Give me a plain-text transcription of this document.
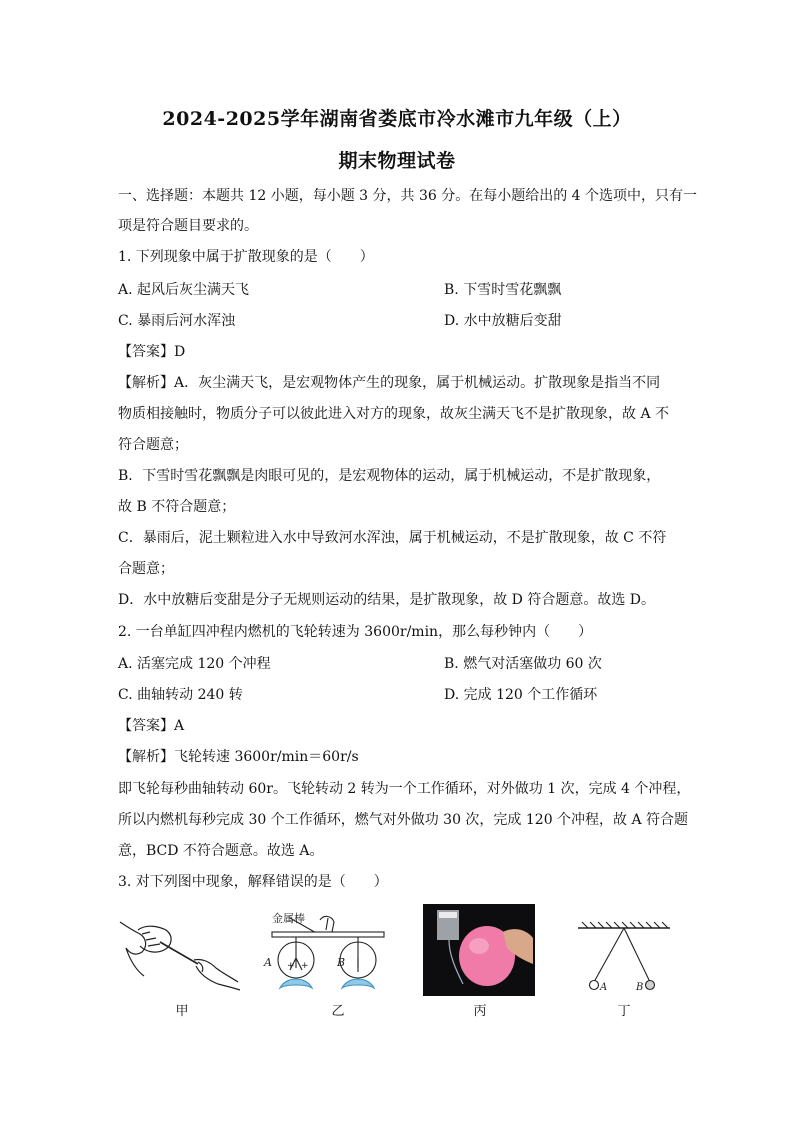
2024-2025学年湖南省娄底市冷水滩市九年级（上）
期末物理试卷
一、选择题：本题共 12 小题，每小题 3 分，共 36 分。在每小题给出的 4 个选项中，只有一
项是符合题目要求的。
1. 下列现象中属于扩散现象的是（　　）
A. 起风后灰尘满天飞	B. 下雪时雪花飘飘
C. 暴雨后河水浑浊	D. 水中放糖后变甜
【答案】D
【解析】A．灰尘满天飞，是宏观物体产生的现象，属于机械运动。扩散现象是指当不同
物质相接触时，物质分子可以彼此进入对方的现象，故灰尘满天飞不是扩散现象，故 A 不
符合题意；
B．下雪时雪花飘飘是肉眼可见的，是宏观物体的运动，属于机械运动，不是扩散现象，
故 B 不符合题意；
C．暴雨后，泥土颗粒进入水中导致河水浑浊，属于机械运动，不是扩散现象，故 C 不符
合题意；
D．水中放糖后变甜是分子无规则运动的结果，是扩散现象，故 D 符合题意。故选 D。
2. 一台单缸四冲程内燃机的飞轮转速为 3600r/min，那么每秒钟内（　　）
A. 活塞完成 120 个冲程	B. 燃气对活塞做功 60 次
C. 曲轴转动 240 转	D. 完成 120 个工作循环
【答案】A
【解析】飞轮转速 3600r/min＝60r/s
即飞轮每秒曲轴转动 60r。飞轮转动 2 转为一个工作循环，对外做功 1 次，完成 4 个冲程，
所以内燃机每秒完成 30 个工作循环，燃气对外做功 30 次，完成 120 个冲程，故 A 符合题
意，BCD 不符合题意。故选 A。
3. 对下列图中现象，解释错误的是（　　）
甲
金属棒
A	B
+ +
乙	丙
A	B
丁
